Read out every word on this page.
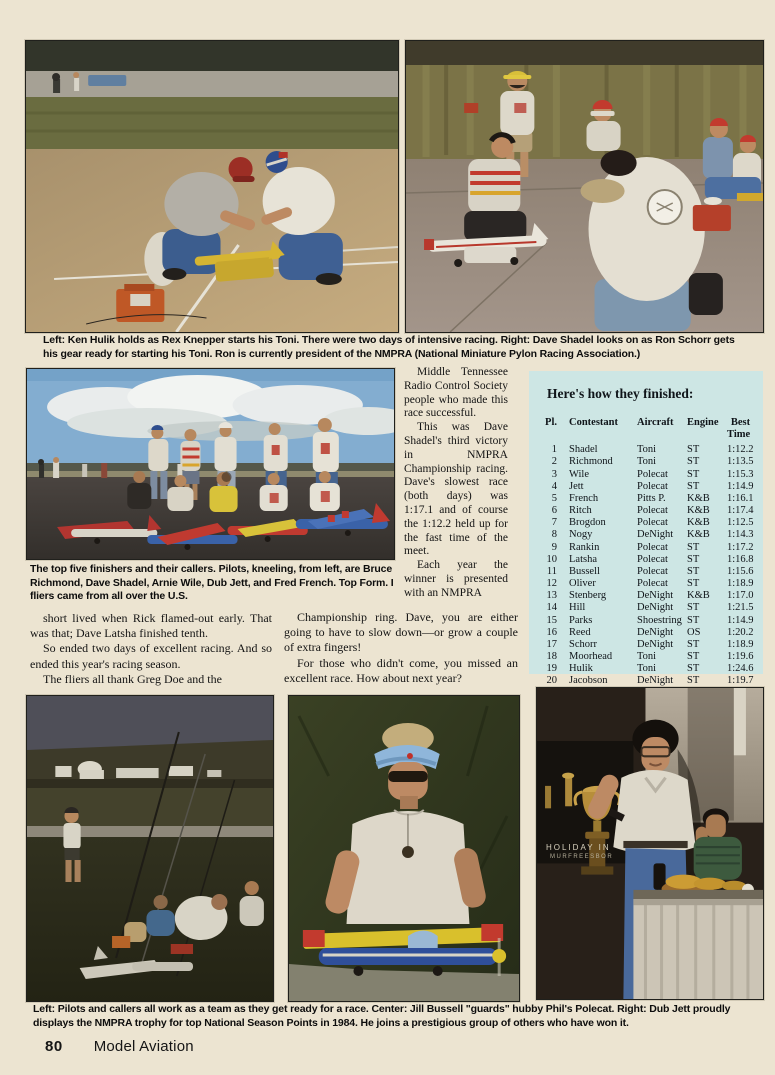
Left: Ken Hulik holds as Rex Knepper starts his Toni. There were two days of intensive racing. Right: Dave Shadel looks on as Ron Schorr gets his gear ready for starting his Toni. Ron is currently president of the NMPRA (National Miniature Pylon Racing Association.)

The top five finishers and their callers. Pilots, kneeling, from left, are Bruce Richmond, Dave Shadel, Arnie Wile, Dub Jett, and Fred French. Top Form. I fliers came from all over the U.S.

short lived when Rick flamed-out early. That was that; Dave Latsha finished tenth.

So ended two days of excellent racing. And so ended this year's racing season.

The fliers all thank Greg Doe and the

Middle Tennessee Radio Control Society people who made this race successful.

This was Dave Shadel's third victory in NMPRA Championship racing. Dave's slowest race (both days) was 1:17.1 and of course the 1:12.2 held up for the fast time of the meet.

Each year the winner is presented with an NMPRA

Championship ring. Dave, you are either going to have to slow down—or grow a couple of extra fingers!

For those who didn't come, you missed an excellent race. How about next year?

Here's how they finished:
Pl.	Contestant	Aircraft	Engine	Best Time
1	Shadel	Toni	ST	1:12.2
2	Richmond	Toni	ST	1:13.5
3	Wile	Polecat	ST	1:15.3
4	Jett	Polecat	ST	1:14.9
5	French	Pitts P.	K&B	1:16.1
6	Ritch	Polecat	K&B	1:17.4
7	Brogdon	Polecat	K&B	1:12.5
8	Nogy	DeNight	K&B	1:14.3
9	Rankin	Polecat	ST	1:17.2
10	Latsha	Polecat	ST	1:16.8
11	Bussell	Polecat	ST	1:15.6
12	Oliver	Polecat	ST	1:18.9
13	Stenberg	DeNight	K&B	1:17.0
14	Hill	DeNight	ST	1:21.5
15	Parks	Shoestring ST	1:14.9
16	Reed	DeNight	OS	1:20.2
17	Schorr	DeNight	ST	1:18.9
18	Moorhead	Toni	ST	1:19.6
19	Hulik	Toni	ST	1:24.6
20	Jacobson	DeNight	ST	1:19.7
HOLIDAY IN
MURFREESBOR

Left: Pilots and callers all work as a team as they get ready for a race. Center: Jill Bussell "guards" hubby Phil's Polecat. Right: Dub Jett proudly displays the NMPRA trophy for top National Season Points in 1984. He joins a prestigious group of others who have won it.

80 Model Aviation
